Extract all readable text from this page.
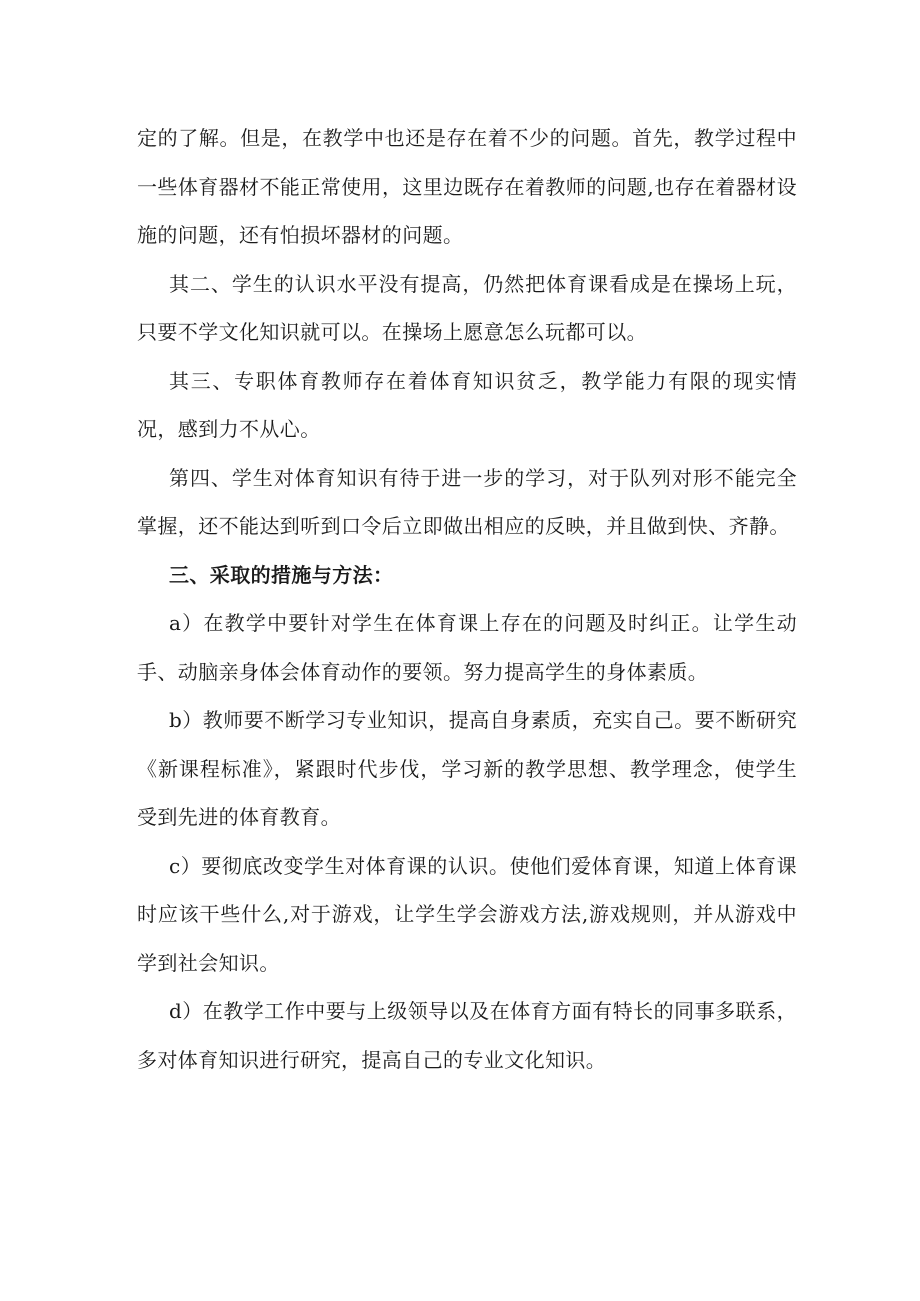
定的了解。但是，在教学中也还是存在着不少的问题。首先，教学过程中一些体育器材不能正常使用，这里边既存在着教师的问题,也存在着器材设施的问题，还有怕损坏器材的问题。

其二、学生的认识水平没有提高，仍然把体育课看成是在操场上玩，只要不学文化知识就可以。在操场上愿意怎么玩都可以。

其三、专职体育教师存在着体育知识贫乏，教学能力有限的现实情况，感到力不从心。

第四、学生对体育知识有待于进一步的学习，对于队列对形不能完全掌握，还不能达到听到口令后立即做出相应的反映，并且做到快、齐静。

三、采取的措施与方法：

a）在教学中要针对学生在体育课上存在的问题及时纠正。让学生动手、动脑亲身体会体育动作的要领。努力提高学生的身体素质。

b）教师要不断学习专业知识，提高自身素质，充实自己。要不断研究《新课程标准》，紧跟时代步伐，学习新的教学思想、教学理念，使学生受到先进的体育教育。

c）要彻底改变学生对体育课的认识。使他们爱体育课，知道上体育课时应该干些什么,对于游戏，让学生学会游戏方法,游戏规则，并从游戏中学到社会知识。

d）在教学工作中要与上级领导以及在体育方面有特长的同事多联系，多对体育知识进行研究，提高自己的专业文化知识。
